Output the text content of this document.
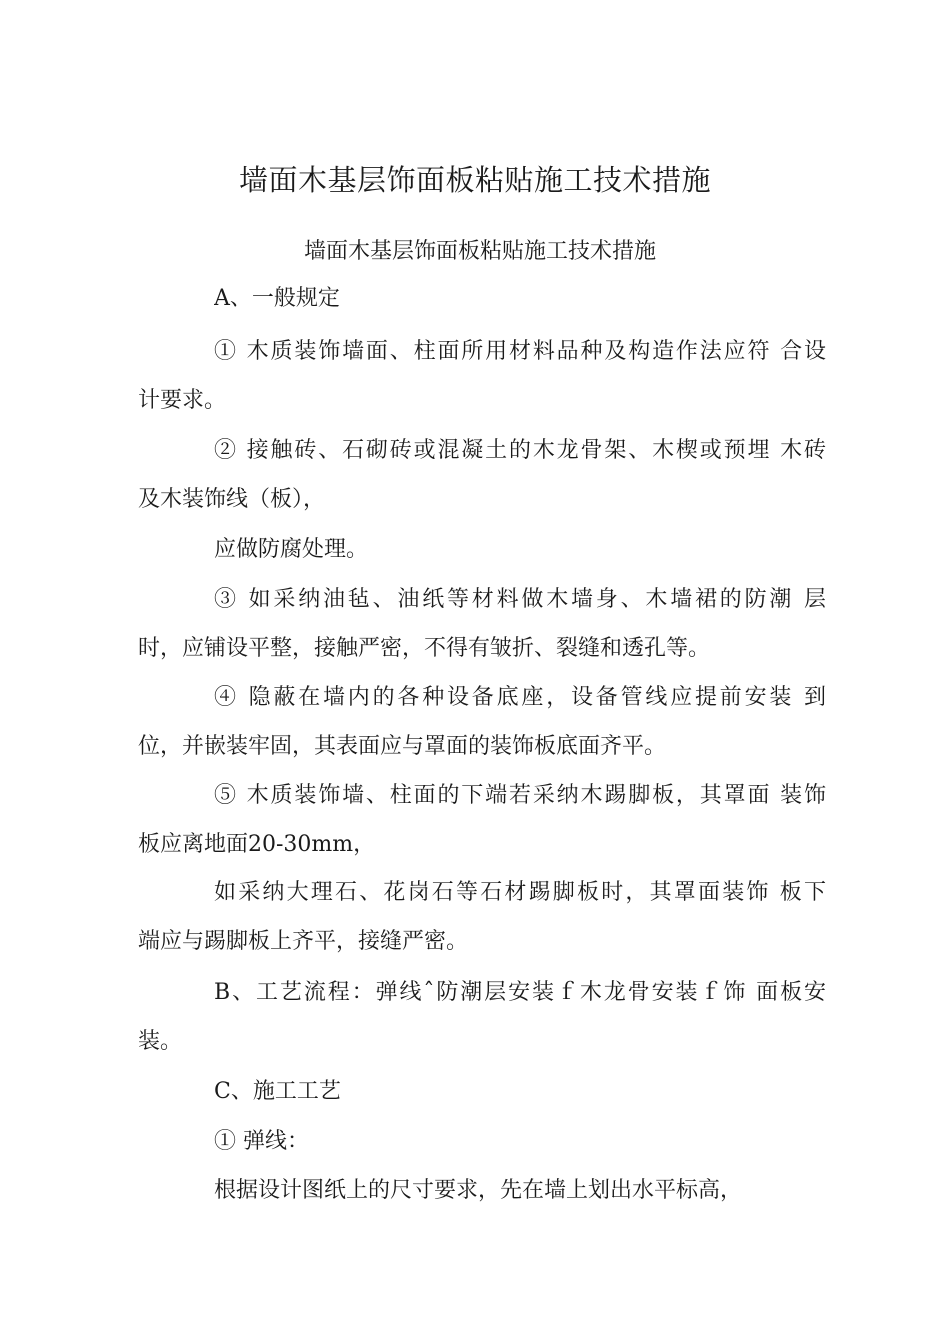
墙面木基层饰面板粘贴施工技术措施
墙面木基层饰面板粘贴施工技术措施
A、一般规定
① 木质装饰墙面、柱面所用材料品种及构造作法应符 合设
计要求。
② 接触砖、石砌砖或混凝土的木龙骨架、木楔或预埋 木砖
及木装饰线（板），
应做防腐处理。
③ 如采纳油毡、油纸等材料做木墙身、木墙裙的防潮 层
时，应铺设平整，接触严密，不得有皱折、裂缝和透孔等。
④ 隐蔽在墙内的各种设备底座，设备管线应提前安装 到
位，并嵌装牢固，其表面应与罩面的装饰板底面齐平。
⑤ 木质装饰墙、柱面的下端若采纳木踢脚板，其罩面 装饰
板应离地面20-30mm，
如采纳大理石、花岗石等石材踢脚板时，其罩面装饰 板下
端应与踢脚板上齐平，接缝严密。
B、工艺流程：弹线ˆ防潮层安装ｆ木龙骨安装ｆ饰 面板安
装。
C、施工工艺
① 弹线：
根据设计图纸上的尺寸要求，先在墙上划出水平标高，
